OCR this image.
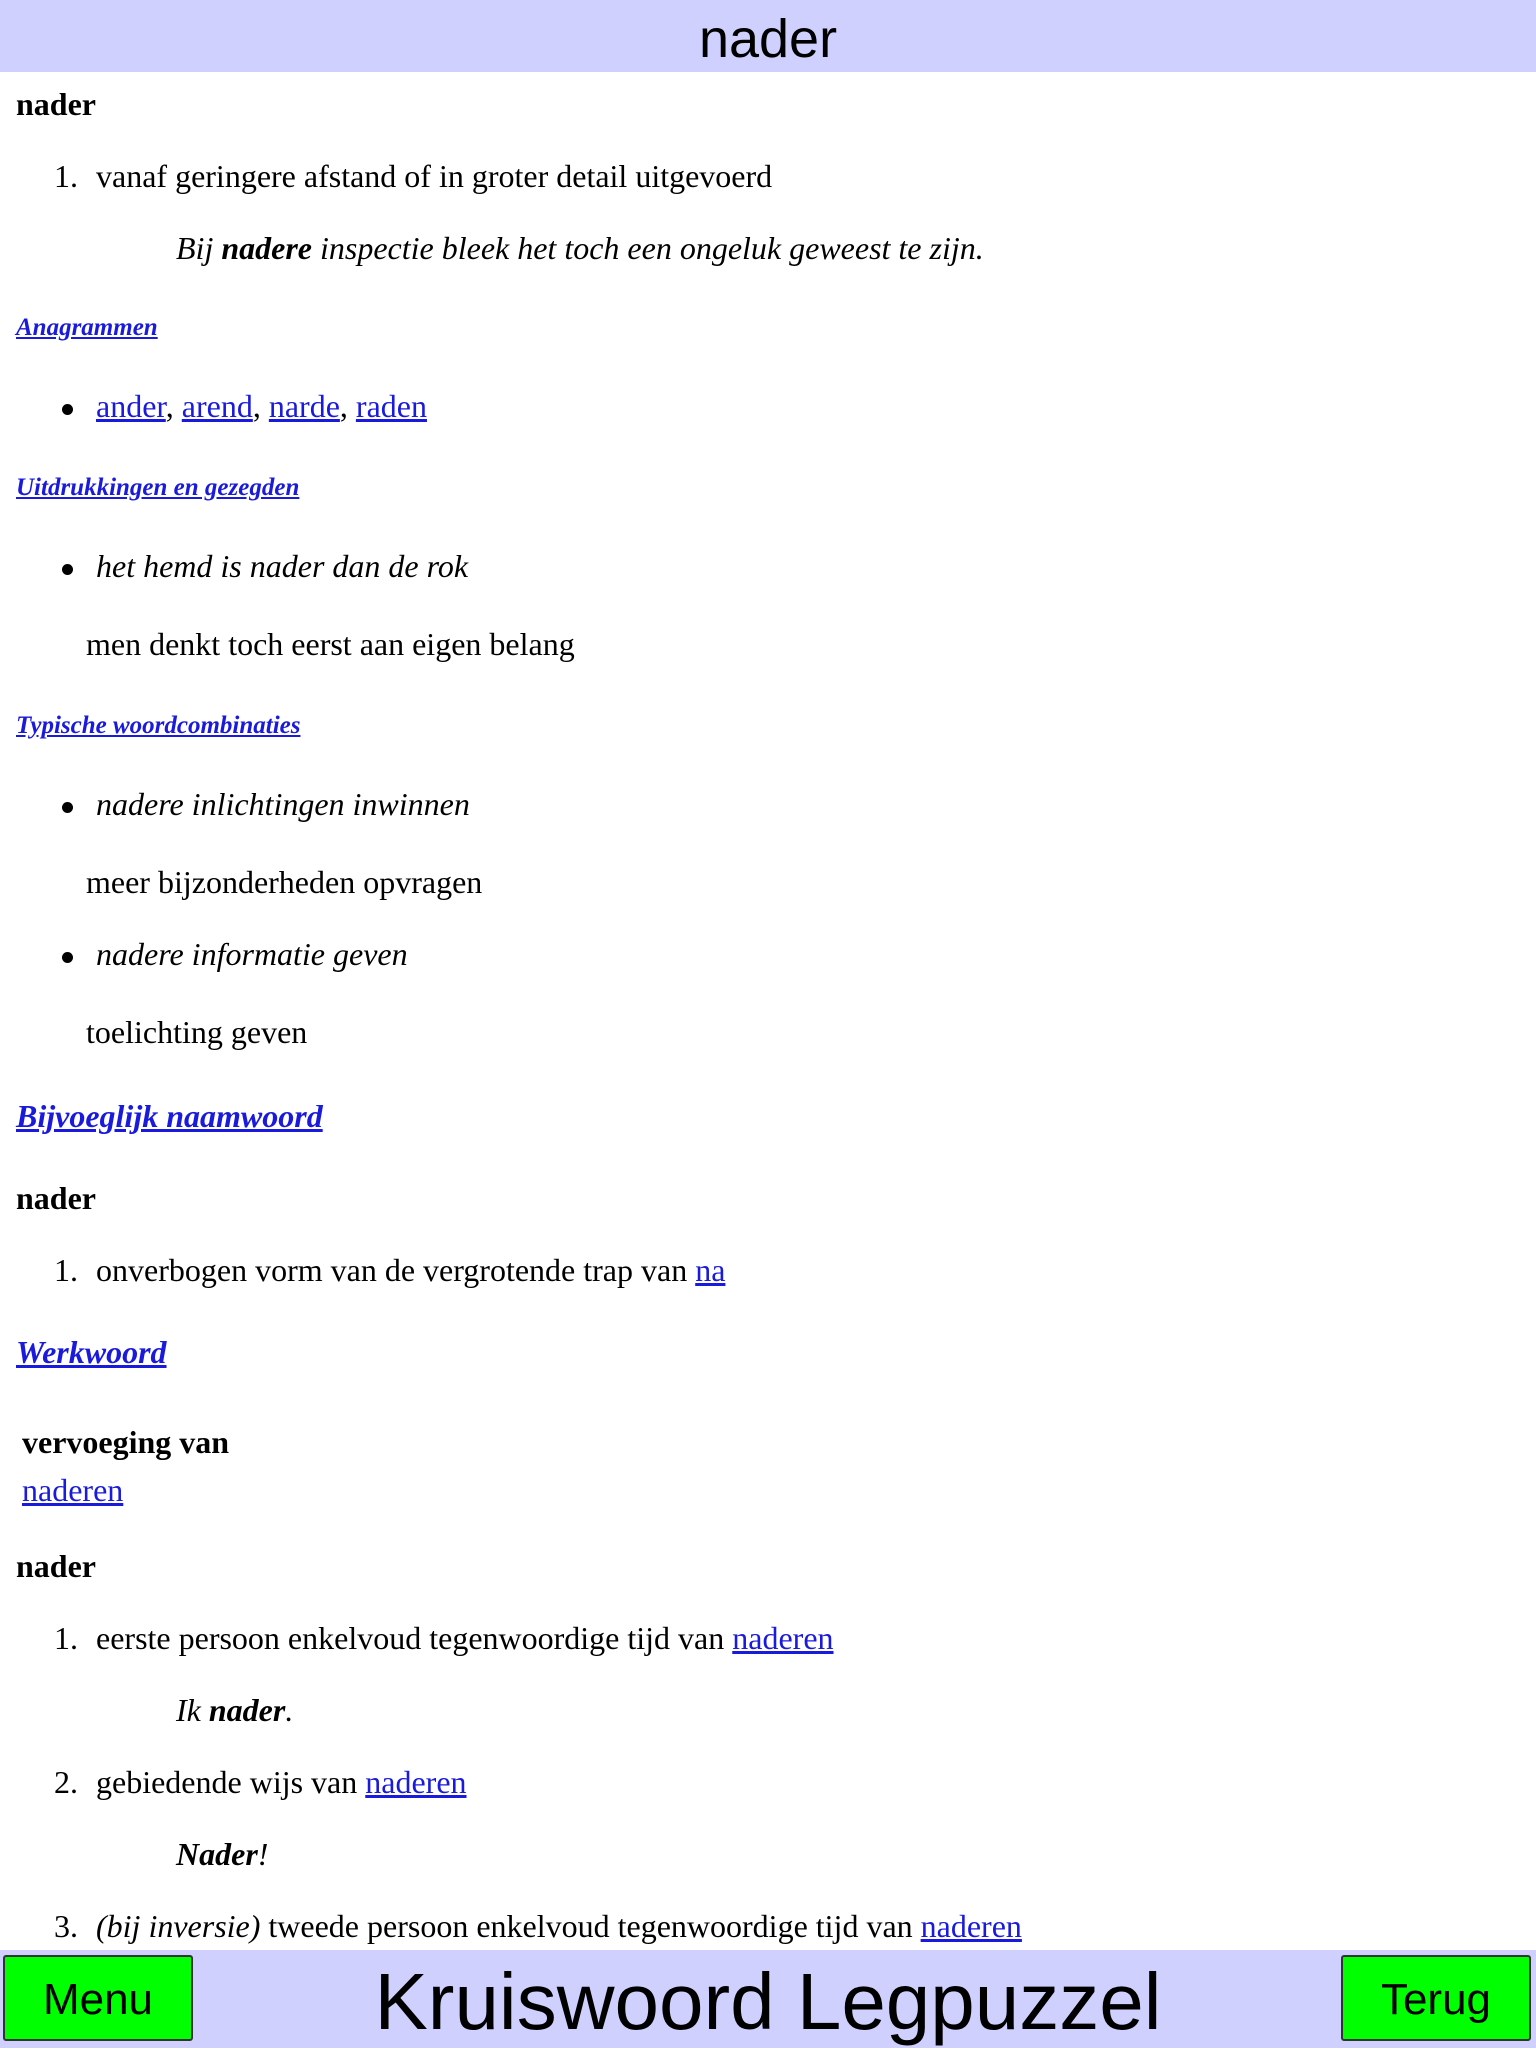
nader
nader
1. vanaf geringere afstand of in groter detail uitgevoerd
Bij nadere inspectie bleek het toch een ongeluk geweest te zijn.
Anagrammen
ander, arend, narde, raden
Uitdrukkingen en gezegden
het hemd is nader dan de rok
men denkt toch eerst aan eigen belang
Typische woordcombinaties
nadere inlichtingen inwinnen
meer bijzonderheden opvragen
nadere informatie geven
toelichting geven
Bijvoeglijk naamwoord
nader
1. onverbogen vorm van de vergrotende trap van na
Werkwoord
vervoeging van
naderen
nader
1. eerste persoon enkelvoud tegenwoordige tijd van naderen
Ik nader.
2. gebiedende wijs van naderen
Nader!
3. (bij inversie) tweede persoon enkelvoud tegenwoordige tijd van naderen
Menu	Kruiswoord Legpuzzel	Terug
